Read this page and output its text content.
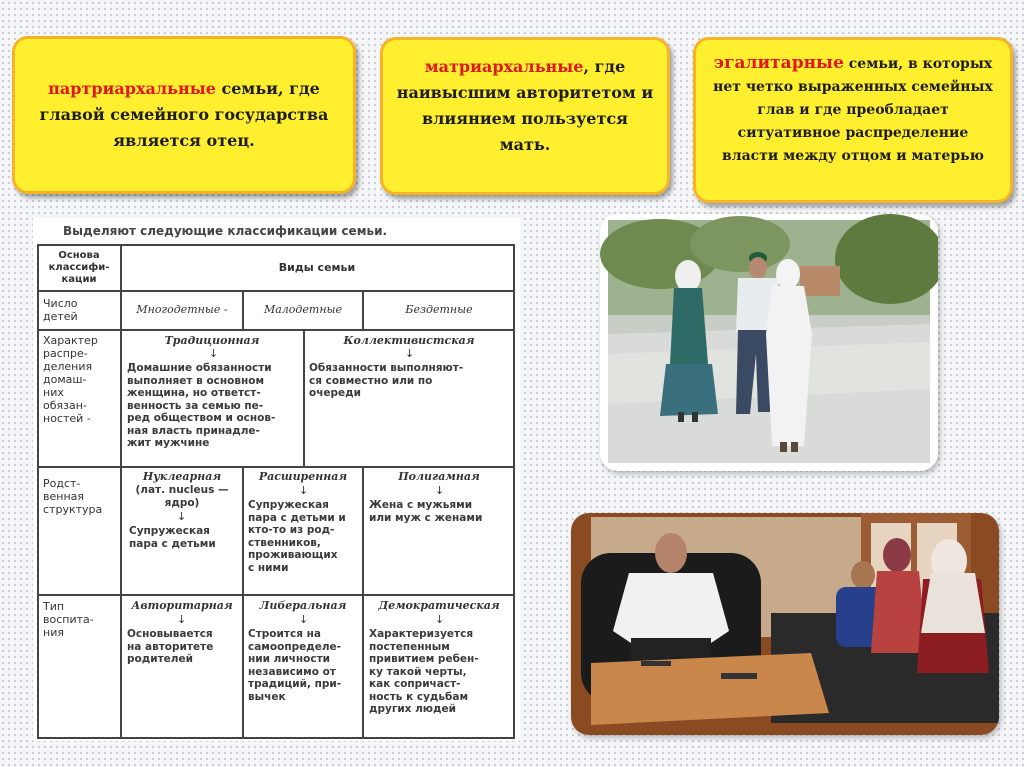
партриархальные семьи, где главой семейного государства является отец.
матриархальные, где наивысшим авторитетом и влиянием пользуется мать.
эгалитарные семьи, в которых нет четко выраженных семейных глав и где преобладает ситуативное распределение власти между отцом и матерью
Выделяют следующие классификации семьи.
Основа
классифи-
кации
Виды семьи
Число
детей
Многодетные -	Малодетные	Бездетные
Характер
распре-
деления
домаш-
них
обязан-
ностей -
Традиционная
↓
Домашние обязанности
выполняет в основном
женщина, но ответст-
венность за семью пе-
ред обществом и основ-
ная власть принадле-
жит мужчине
Коллективистская
↓
Обязанности выполняют-
ся совместно или по
очереди
Родст-
венная
структура
Нуклеарная
(лат. nucleus —
ядро)
↓
Супружеская
пара с детьми
Расширенная
↓
Супружеская
пара с детьми и
кто-то из род-
ственников,
проживающих
с ними
Полигамная
↓
Жена с мужьями
или муж с женами
Тип
воспита-
ния
Авторитарная
↓
Основывается
на авторитете
родителей
Либеральная
↓
Строится на
самоопределе-
нии личности
независимо от
традиций, при-
вычек
Демократическая
↓
Характеризуется
постепенным
привитием ребен-
ку такой черты,
как сопричаст-
ность к судьбам
других людей
